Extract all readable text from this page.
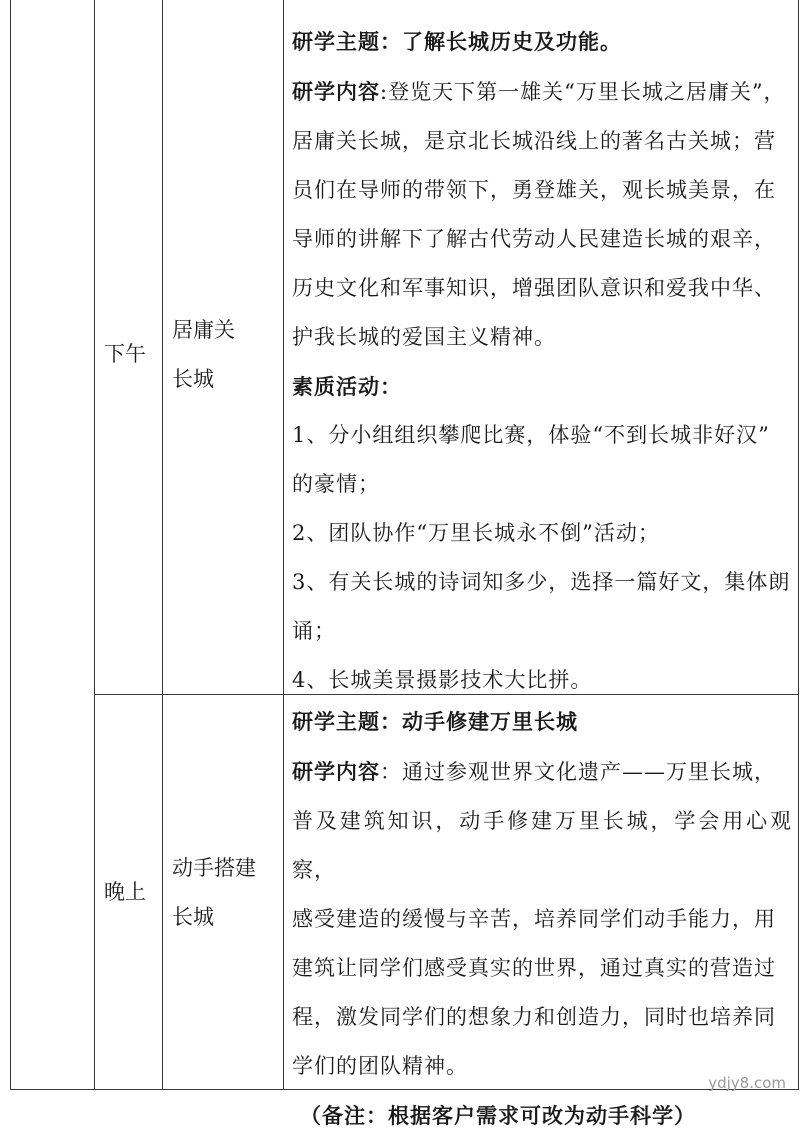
下午
居庸关
长城
研学主题：了解长城历史及功能。
研学内容:登览天下第一雄关“万里长城之居庸关”，
居庸关长城，是京北长城沿线上的著名古关城；营
员们在导师的带领下，勇登雄关，观长城美景，在
导师的讲解下了解古代劳动人民建造长城的艰辛，
历史文化和军事知识，增强团队意识和爱我中华、
护我长城的爱国主义精神。
素质活动：
1、分小组组织攀爬比赛，体验“不到长城非好汉”
的豪情；
2、团队协作“万里长城永不倒”活动；
3、有关长城的诗词知多少，选择一篇好文，集体朗
诵；
4、长城美景摄影技术大比拼。
晚上
动手搭建
长城
研学主题：动手修建万里长城
研学内容：通过参观世界文化遗产——万里长城，
普及建筑知识，动手修建万里长城，学会用心观察，
感受建造的缓慢与辛苦，培养同学们动手能力，用
建筑让同学们感受真实的世界，通过真实的营造过
程，激发同学们的想象力和创造力，同时也培养同
学们的团队精神。
（备注：根据客户需求可改为动手科学）
ydjy8.com
